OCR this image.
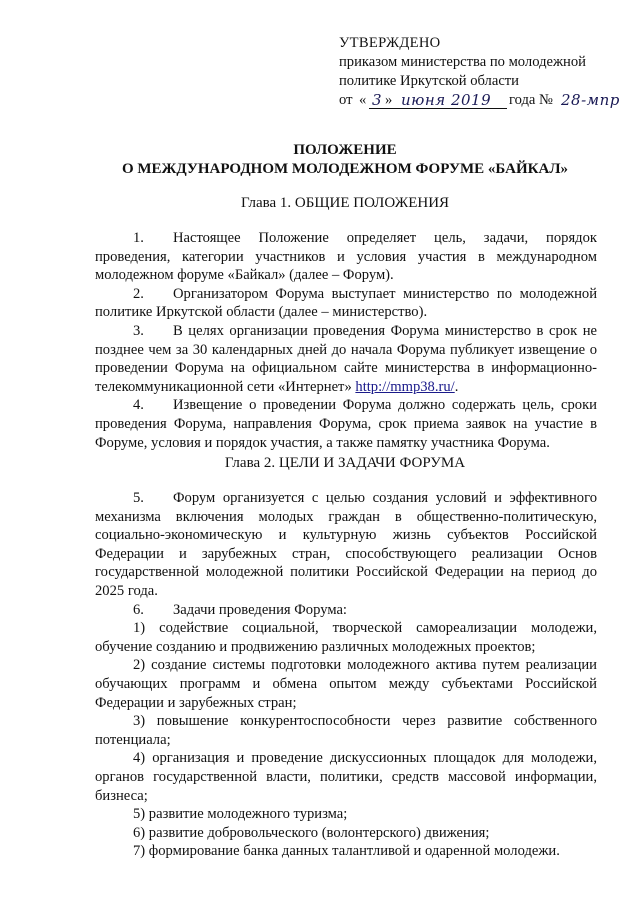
УТВЕРЖДЕНО
приказом министерства по молодежной
политике Иркутской области
от « 3 » июня 2019 года № 28-мпр
ПОЛОЖЕНИЕ
О МЕЖДУНАРОДНОМ МОЛОДЕЖНОМ ФОРУМЕ «БАЙКАЛ»
Глава 1. ОБЩИЕ ПОЛОЖЕНИЯ

1. Настоящее Положение определяет цель, задачи, порядок проведения, категории участников и условия участия в международном молодежном форуме «Байкал» (далее – Форум).

2. Организатором Форума выступает министерство по молодежной политике Иркутской области (далее – министерство).

3. В целях организации проведения Форума министерство в срок не позднее чем за 30 календарных дней до начала Форума публикует извещение о проведении Форума на официальном сайте министерства в информационно-телекоммуникационной сети «Интернет» http://mmp38.ru/.

4. Извещение о проведении Форума должно содержать цель, сроки проведения Форума, направления Форума, срок приема заявок на участие в Форуме, условия и порядок участия, а также памятку участника Форума.

Глава 2. ЦЕЛИ И ЗАДАЧИ ФОРУМА

5. Форум организуется с целью создания условий и эффективного механизма включения молодых граждан в общественно-политическую, социально-экономическую и культурную жизнь субъектов Российской Федерации и зарубежных стран, способствующего реализации Основ государственной молодежной политики Российской Федерации на период до 2025 года.

6. Задачи проведения Форума:

1) содействие социальной, творческой самореализации молодежи, обучение созданию и продвижению различных молодежных проектов;

2) создание системы подготовки молодежного актива путем реализации обучающих программ и обмена опытом между субъектами Российской Федерации и зарубежных стран;

3) повышение конкурентоспособности через развитие собственного потенциала;

4) организация и проведение дискуссионных площадок для молодежи, органов государственной власти, политики, средств массовой информации, бизнеса;

5) развитие молодежного туризма;

6) развитие добровольческого (волонтерского) движения;

7) формирование банка данных талантливой и одаренной молодежи.
